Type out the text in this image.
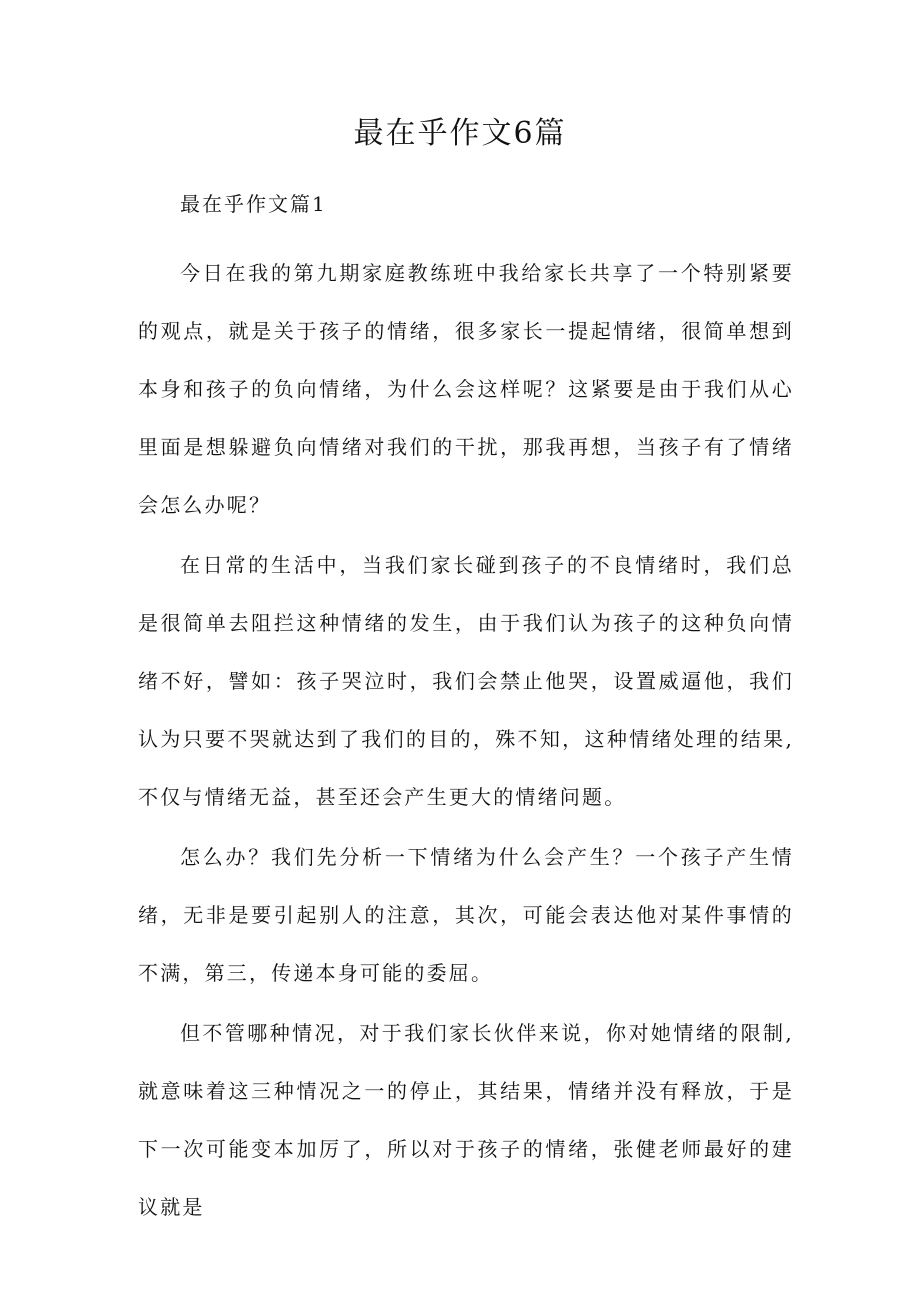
最在乎作文6篇

最在乎作文篇1

今日在我的第九期家庭教练班中我给家长共享了一个特别紧要的观点，就是关于孩子的情绪，很多家长一提起情绪，很简单想到本身和孩子的负向情绪，为什么会这样呢？这紧要是由于我们从心里面是想躲避负向情绪对我们的干扰，那我再想，当孩子有了情绪会怎么办呢？

在日常的生活中，当我们家长碰到孩子的不良情绪时，我们总是很简单去阻拦这种情绪的发生，由于我们认为孩子的这种负向情绪不好，譬如：孩子哭泣时，我们会禁止他哭，设置威逼他，我们认为只要不哭就达到了我们的目的，殊不知，这种情绪处理的结果,不仅与情绪无益，甚至还会产生更大的情绪问题。

怎么办？我们先分析一下情绪为什么会产生？一个孩子产生情绪，无非是要引起别人的注意，其次，可能会表达他对某件事情的不满，第三，传递本身可能的委屈。

但不管哪种情况，对于我们家长伙伴来说，你对她情绪的限制,就意味着这三种情况之一的停止，其结果，情绪并没有释放，于是下一次可能变本加厉了，所以对于孩子的情绪，张健老师最好的建议就是
